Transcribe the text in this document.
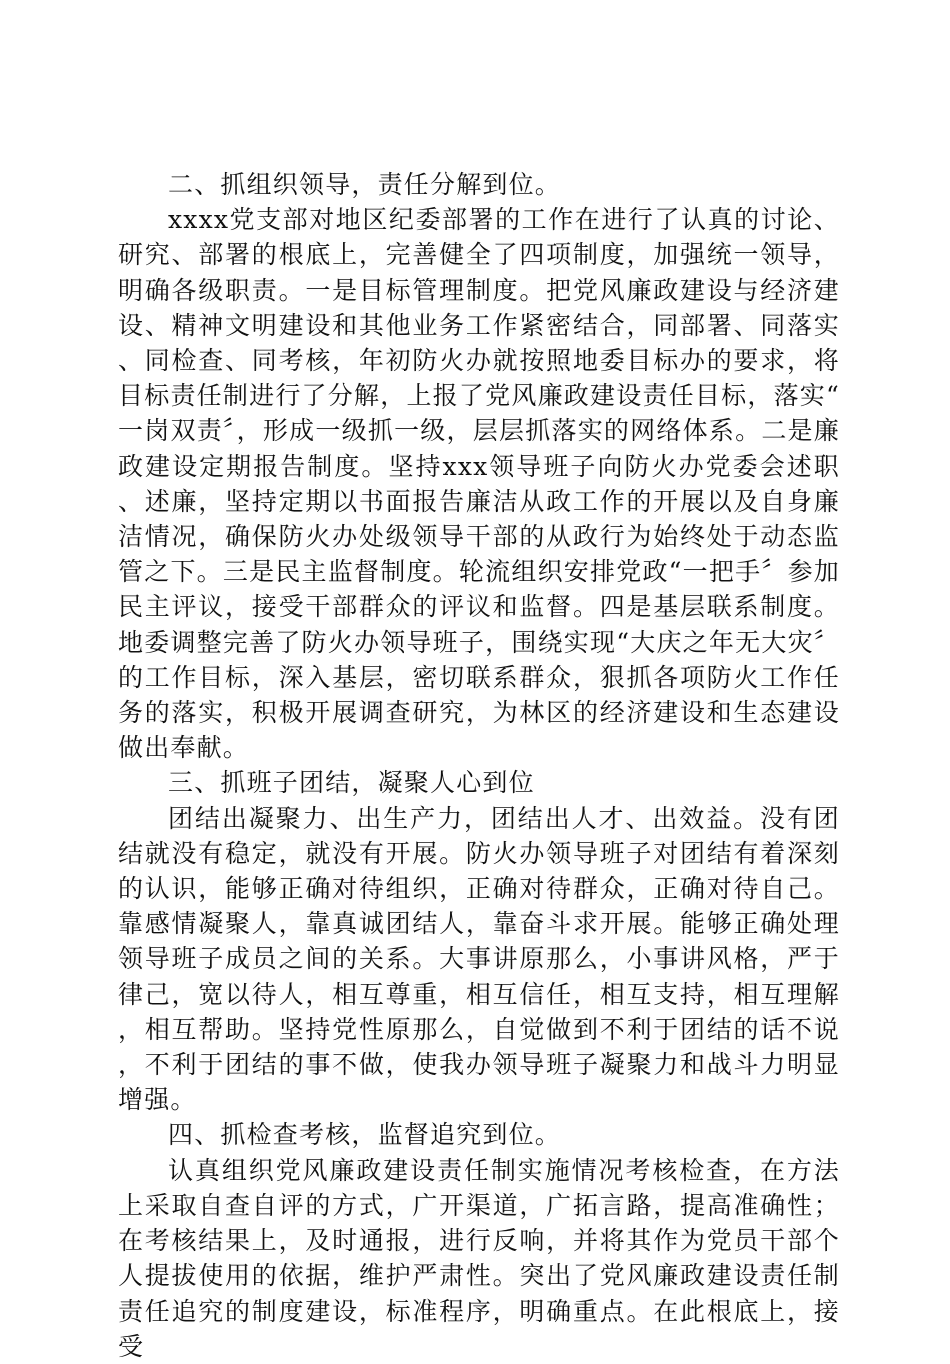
二、抓组织领导，责任分解到位。

xxxx党支部对地区纪委部署的工作在进行了认真的讨论、研究、部署的根底上，完善健全了四项制度，加强统一领导，明确各级职责。一是目标管理制度。把党风廉政建设与经济建设、精神文明建设和其他业务工作紧密结合，同部署、同落实、同检查、同考核，年初防火办就按照地委目标办的要求，将目标责任制进行了分解，上报了党风廉政建设责任目标，落实“一岗双责〞，形成一级抓一级，层层抓落实的网络体系。二是廉政建设定期报告制度。坚持xxx领导班子向防火办党委会述职、述廉，坚持定期以书面报告廉洁从政工作的开展以及自身廉洁情况，确保防火办处级领导干部的从政行为始终处于动态监管之下。三是民主监督制度。轮流组织安排党政“一把手〞参加民主评议，接受干部群众的评议和监督。四是基层联系制度。地委调整完善了防火办领导班子，围绕实现“大庆之年无大灾〞的工作目标，深入基层，密切联系群众，狠抓各项防火工作任务的落实，积极开展调查研究，为林区的经济建设和生态建设做出奉献。

三、抓班子团结，凝聚人心到位

团结出凝聚力、出生产力，团结出人才、出效益。没有团结就没有稳定，就没有开展。防火办领导班子对团结有着深刻的认识，能够正确对待组织，正确对待群众，正确对待自己。靠感情凝聚人，靠真诚团结人，靠奋斗求开展。能够正确处理领导班子成员之间的关系。大事讲原那么，小事讲风格，严于律己，宽以待人，相互尊重，相互信任，相互支持，相互理解，相互帮助。坚持党性原那么，自觉做到不利于团结的话不说，不利于团结的事不做，使我办领导班子凝聚力和战斗力明显增强。

四、抓检查考核，监督追究到位。

认真组织党风廉政建设责任制实施情况考核检查，在方法上采取自查自评的方式，广开渠道，广拓言路，提高准确性；在考核结果上，及时通报，进行反响，并将其作为党员干部个人提拔使用的依据，维护严肃性。突出了党风廉政建设责任制责任追究的制度建设，标准程序，明确重点。在此根底上，接受
